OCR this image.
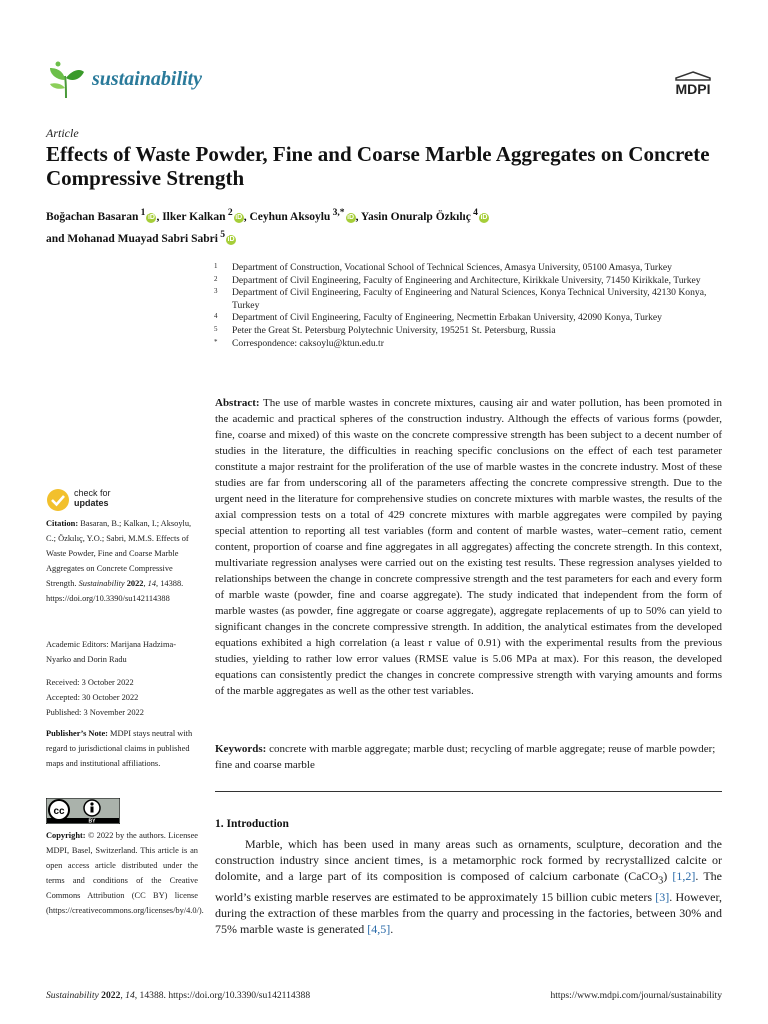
sustainability	MDPI
Article
Effects of Waste Powder, Fine and Coarse Marble Aggregates on Concrete Compressive Strength
Boğachan Basaran  $^1$ iD , Ilker Kalkan  $^2$ iD , Ceyhun Aksoylu  $^{3,*}$ iD , Yasin Onuralp Özkılıç  $^4$ iD
and Mohanad Muayad Sabri Sabri  $^5$ iD
1 Department of Construction, Vocational School of Technical Sciences, Amasya University, 05100 Amasya, Turkey
2 Department of Civil Engineering, Faculty of Engineering and Architecture, Kirikkale University, 71450 Kirikkale, Turkey
3 Department of Civil Engineering, Faculty of Engineering and Natural Sciences, Konya Technical University, 42130 Konya, Turkey
4 Department of Civil Engineering, Faculty of Engineering, Necmettin Erbakan University, 42090 Konya, Turkey
5 Peter the Great St. Petersburg Polytechnic University, 195251 St. Petersburg, Russia
* Correspondence: caksoylu@ktun.edu.tr
Abstract: The use of marble wastes in concrete mixtures, causing air and water pollution, has been promoted in the academic and practical spheres of the construction industry. Although the effects of various forms (powder, fine, coarse and mixed) of this waste on the concrete compressive strength has been subject to a decent number of studies in the literature, the difficulties in reaching specific conclusions on the effect of each test parameter constitute a major restraint for the proliferation of the use of marble wastes in the concrete industry. Most of these studies are far from underscoring all of the parameters affecting the concrete compressive strength. Due to the urgent need in the literature for comprehensive studies on concrete mixtures with marble wastes, the results of the axial compression tests on a total of 429 concrete mixtures with marble aggregates were compiled by paying special attention to reporting all test variables (form and content of marble wastes, water–cement ratio, cement content, proportion of coarse and fine aggregates in all aggregates) affecting the concrete strength. In this context, multivariate regression analyses were carried out on the existing test results. These regression analyses yielded to relationships between the change in concrete compressive strength and the test parameters for each and every form of marble waste (powder, fine and coarse aggregate). The study indicated that independent from the form of marble wastes (as powder, fine aggregate or coarse aggregate), aggregate replacements of up to 50% can yield to significant changes in the concrete compressive strength. In addition, the analytical estimates from the developed equations exhibited a high correlation (a least r value of 0.91) with the experimental results from the previous studies, yielding to rather low error values (RMSE value is 5.06 MPa at max). For this reason, the developed equations can consistently predict the changes in concrete compressive strength with varying amounts and forms of the marble aggregates as well as the other test variables.
Keywords: concrete with marble aggregate; marble dust; recycling of marble aggregate; reuse of marble powder; fine and coarse marble
1. Introduction
Marble, which has been used in many areas such as ornaments, sculpture, decoration and the construction industry since ancient times, is a metamorphic rock formed by recrystallized calcite or dolomite, and a large part of its composition is composed of calcium carbonate (CaCO$_3$) [1,2]. The world’s existing marble reserves are estimated to be approximately 15 billion cubic meters [3]. However, during the extraction of these marbles from the quarry and processing in the factories, between 30% and 75% marble waste is generated [4,5].
check for
updates
Citation: Basaran, B.; Kalkan, I.; Aksoylu, C.; Özkılıç, Y.O.; Sabri, M.M.S. Effects of Waste Powder, Fine and Coarse Marble Aggregates on Concrete Compressive Strength. Sustainability 2022, 14, 14388. https://doi.org/10.3390/su142114388
Academic Editors: Marijana Hadzima-Nyarko and Dorin Radu
Received: 3 October 2022
Accepted: 30 October 2022
Published: 3 November 2022
Publisher’s Note: MDPI stays neutral with regard to jurisdictional claims in published maps and institutional affiliations.
cc
BY
Copyright: © 2022 by the authors. Licensee MDPI, Basel, Switzerland. This article is an open access article distributed under the terms and conditions of the Creative Commons Attribution (CC BY) license (https://creativecommons.org/licenses/by/4.0/).
Sustainability 2022, 14, 14388. https://doi.org/10.3390/su142114388	https://www.mdpi.com/journal/sustainability
